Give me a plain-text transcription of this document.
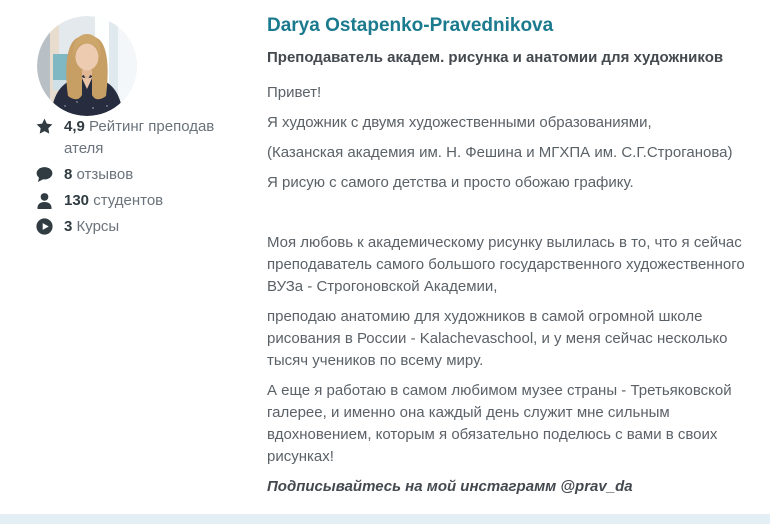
4,9 Рейтинг преподавателя
8 отзывов
130 студентов
3 Курсы
Darya Ostapenko-Pravednikova
Преподаватель академ. рисунка и анатомии для художников

Привет!

Я художник с двумя художественными образованиями,

(Казанская академия им. Н. Фешина и МГХПА им. С.Г.Строганова)

Я рисую с самого детства и просто обожаю графику.

Моя любовь к академическому рисунку вылилась в то, что я сейчас преподаватель самого большого государственного художественного ВУЗа - Строгоновской Академии,

преподаю анатомию для художников в самой огромной школе рисования в России - Kalachevaschool, и у меня сейчас несколько тысяч учеников по всему миру.

А еще я работаю в самом любимом музее страны - Третьяковской галерее, и именно она каждый день служит мне сильным вдохновением, которым я обязательно поделюсь с вами в своих рисунках!

Подписывайтесь на мой инстаграмм @prav_da
